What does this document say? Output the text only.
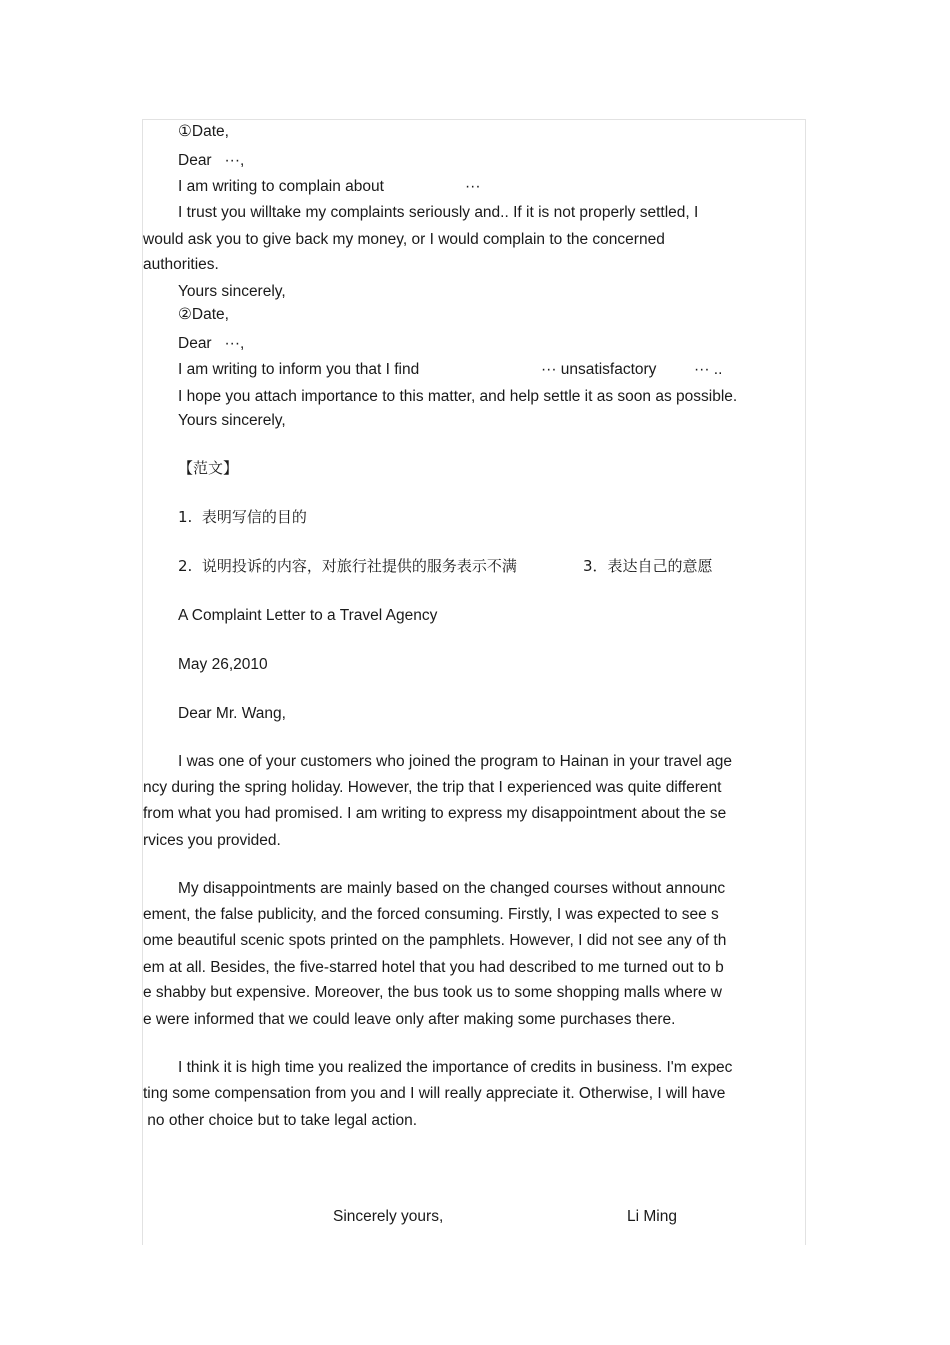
①Date,
Dear   ···,
I am writing to complain about	···
I trust you willtake my complaints seriously and.. If it is not properly settled, I
would ask you to give back my money, or I would complain to the concerned
authorities.
Yours sincerely,
②Date,
Dear   ···,
I am writing to inform you that I find	··· unsatisfactory ··· ..
I hope you attach importance to this matter, and help settle it as soon as possible.
Yours sincerely,
【范文】
1.  表明写信的目的
2.  说明投诉的内容，对旅行社提供的服务表示不满	3．表达自己的意愿
A Complaint Letter to a Travel Agency
May 26,2010
Dear Mr. Wang,
I was one of your customers who joined the program to Hainan in your travel age
ncy during the spring holiday. However, the trip that I experienced was quite different
from what you had promised. I am writing to express my disappointment about the se
rvices you provided.
My disappointments are mainly based on the changed courses without announc
ement, the false publicity, and the forced consuming. Firstly, I was expected to see s
ome beautiful scenic spots printed on the pamphlets. However, I did not see any of th
em at all. Besides, the five-starred hotel that you had described to me turned out to b
e shabby but expensive. Moreover, the bus took us to some shopping malls where w
e were informed that we could leave only after making some purchases there.
I think it is high time you realized the importance of credits in business. I'm expec
ting some compensation from you and I will really appreciate it. Otherwise, I will have
no other choice but to take legal action.
Sincerely yours,	Li Ming
